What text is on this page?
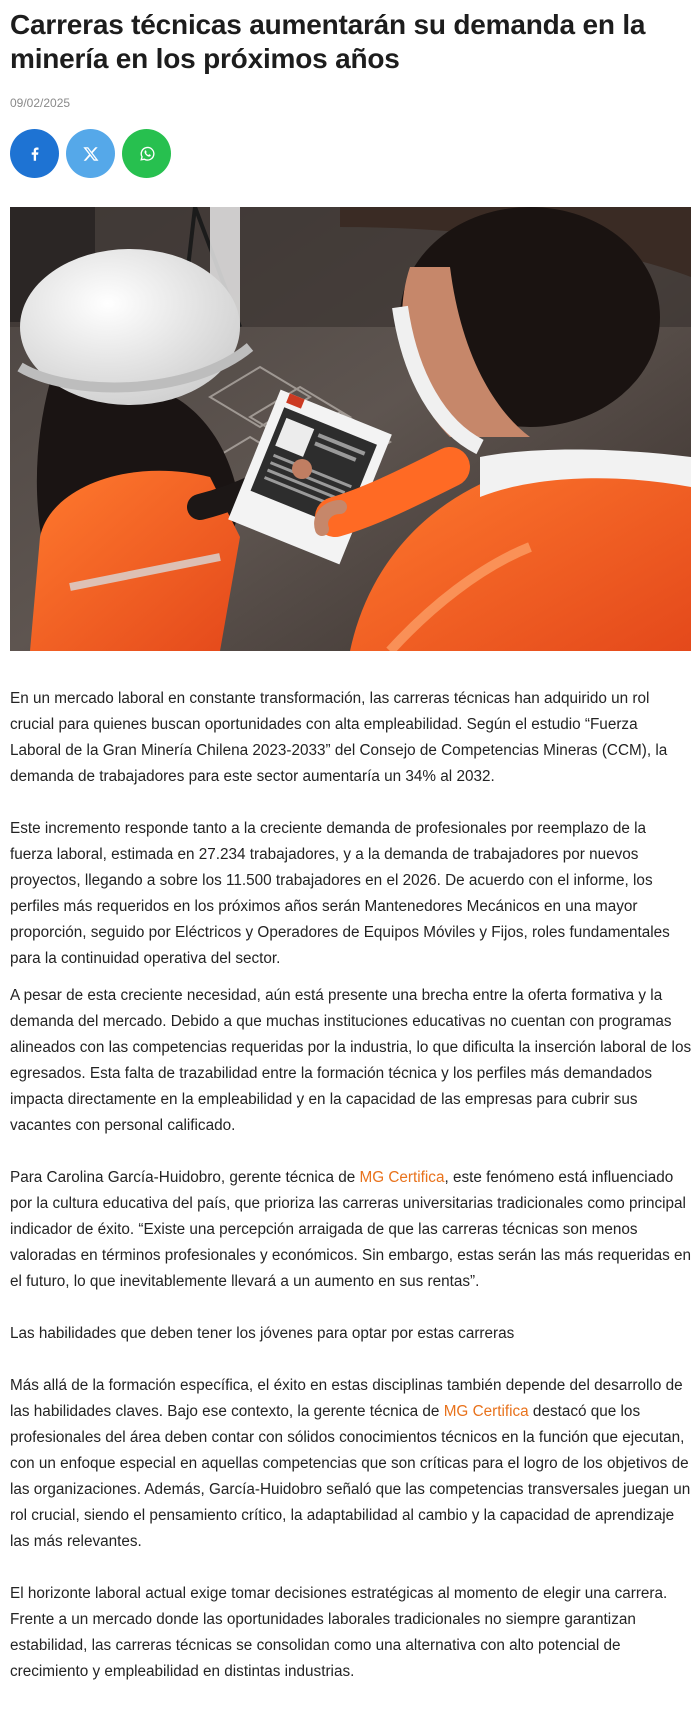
Carreras técnicas aumentarán su demanda en la minería en los próximos años
09/02/2025

En un mercado laboral en constante transformación, las carreras técnicas han adquirido un rol crucial para quienes buscan oportunidades con alta empleabilidad. Según el estudio “Fuerza Laboral de la Gran Minería Chilena 2023-2033” del Consejo de Competencias Mineras (CCM), la demanda de trabajadores para este sector aumentaría un 34% al 2032.

Este incremento responde tanto a la creciente demanda de profesionales por reemplazo de la fuerza laboral, estimada en 27.234 trabajadores, y a la demanda de trabajadores por nuevos proyectos, llegando a sobre los 11.500 trabajadores en el 2026. De acuerdo con el informe, los perfiles más requeridos en los próximos años serán Mantenedores Mecánicos en una mayor proporción, seguido por Eléctricos y Operadores de Equipos Móviles y Fijos, roles fundamentales para la continuidad operativa del sector.

A pesar de esta creciente necesidad, aún está presente una brecha entre la oferta formativa y la demanda del mercado. Debido a que muchas instituciones educativas no cuentan con programas alineados con las competencias requeridas por la industria, lo que dificulta la inserción laboral de los egresados. Esta falta de trazabilidad entre la formación técnica y los perfiles más demandados impacta directamente en la empleabilidad y en la capacidad de las empresas para cubrir sus vacantes con personal calificado.

Para Carolina García-Huidobro, gerente técnica de MG Certifica, este fenómeno está influenciado por la cultura educativa del país, que prioriza las carreras universitarias tradicionales como principal indicador de éxito. “Existe una percepción arraigada de que las carreras técnicas son menos valoradas en términos profesionales y económicos. Sin embargo, estas serán las más requeridas en el futuro, lo que inevitablemente llevará a un aumento en sus rentas”.

Las habilidades que deben tener los jóvenes para optar por estas carreras

Más allá de la formación específica, el éxito en estas disciplinas también depende del desarrollo de las habilidades claves. Bajo ese contexto, la gerente técnica de MG Certifica destacó que los profesionales del área deben contar con sólidos conocimientos técnicos en la función que ejecutan, con un enfoque especial en aquellas competencias que son críticas para el logro de los objetivos de las organizaciones. Además, García-Huidobro señaló que las competencias transversales juegan un rol crucial, siendo el pensamiento crítico, la adaptabilidad al cambio y la capacidad de aprendizaje las más relevantes.

El horizonte laboral actual exige tomar decisiones estratégicas al momento de elegir una carrera. Frente a un mercado donde las oportunidades laborales tradicionales no siempre garantizan estabilidad, las carreras técnicas se consolidan como una alternativa con alto potencial de crecimiento y empleabilidad en distintas industrias.
